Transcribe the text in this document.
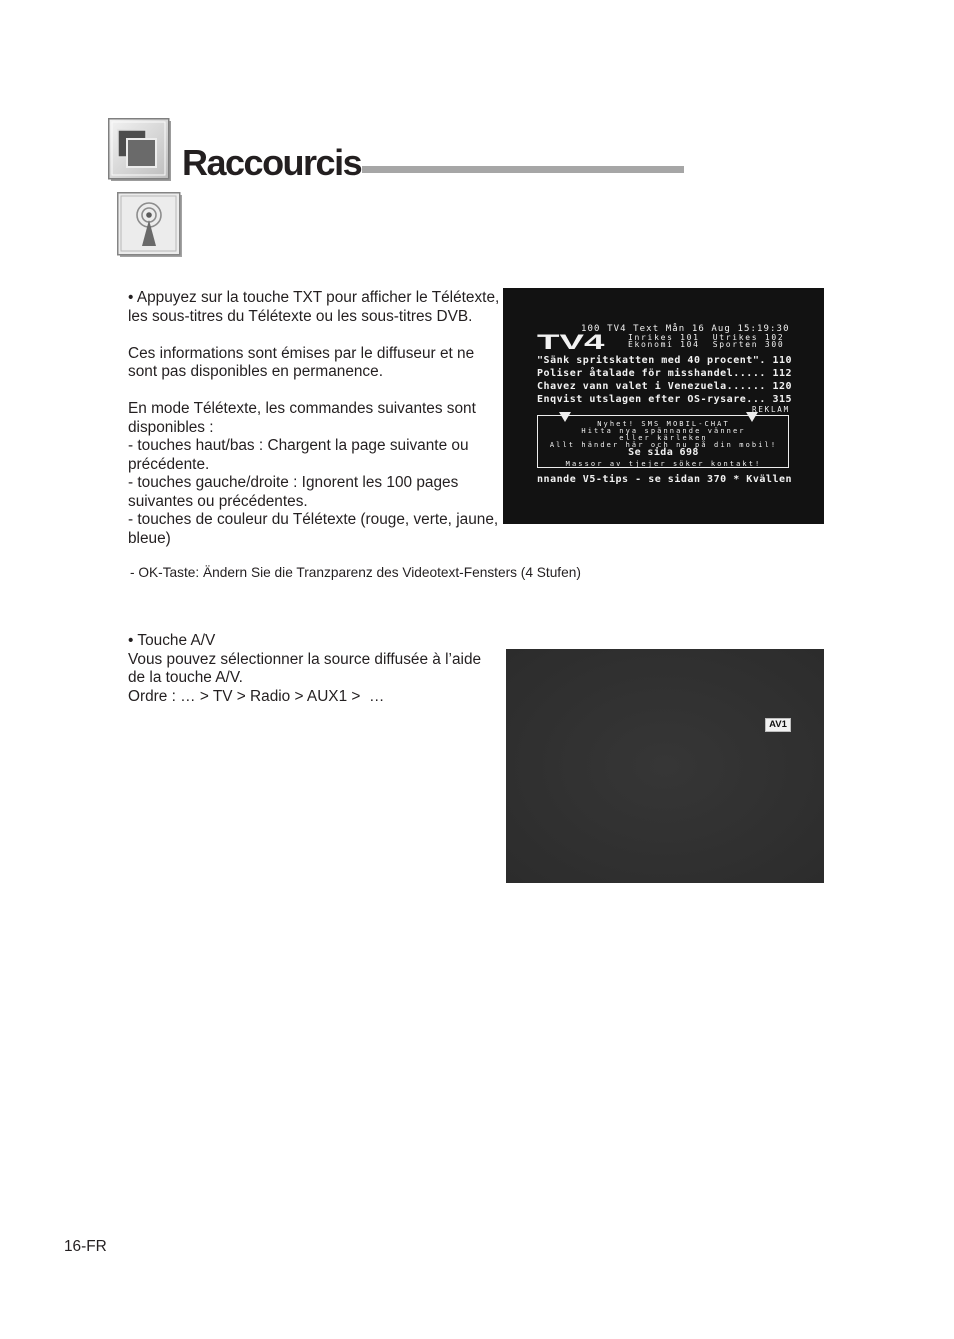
Raccourcis
• Appuyez sur la touche TXT pour afficher le Télétexte,
les sous-titres du Télétexte ou les sous-titres DVB.
Ces informations sont émises par le diffuseur et ne
sont pas disponibles en permanence.
En mode Télétexte, les commandes suivantes sont
disponibles :
- touches haut/bas : Chargent la page suivante ou
précédente.
- touches gauche/droite : Ignorent les 100 pages
suivantes ou précédentes.
- touches de couleur du Télétexte (rouge, verte, jaune,
bleue)
- OK-Taste: Ändern Sie die Tranzparenz des Videotext-Fensters (4 Stufen)
100 TV4 Text Mån 16 Aug 15:19:30
TV4	Inrikes 101  Utrikes 102
Ekonomi 104  Sporten 300
"Sänk spritskatten med 40 procent". 110
Poliser åtalade för misshandel..... 112
Chavez vann valet i Venezuela...... 120
Enqvist utslagen efter OS-rysare... 315
REKLAM
Nyhet! SMS MOBIL-CHAT
Hitta nya spännande vänner
eller kärleken
Allt händer här och nu på din mobil!
Se sida 698
Massor av tjejer söker kontakt!
nnande V5-tips - se sidan 370 * Kvällen
• Touche A/V
Vous pouvez sélectionner la source diffusée à l’aide
de la touche A/V.
Ordre : … > TV > Radio > AUX1 >  …
AV1
16-FR
